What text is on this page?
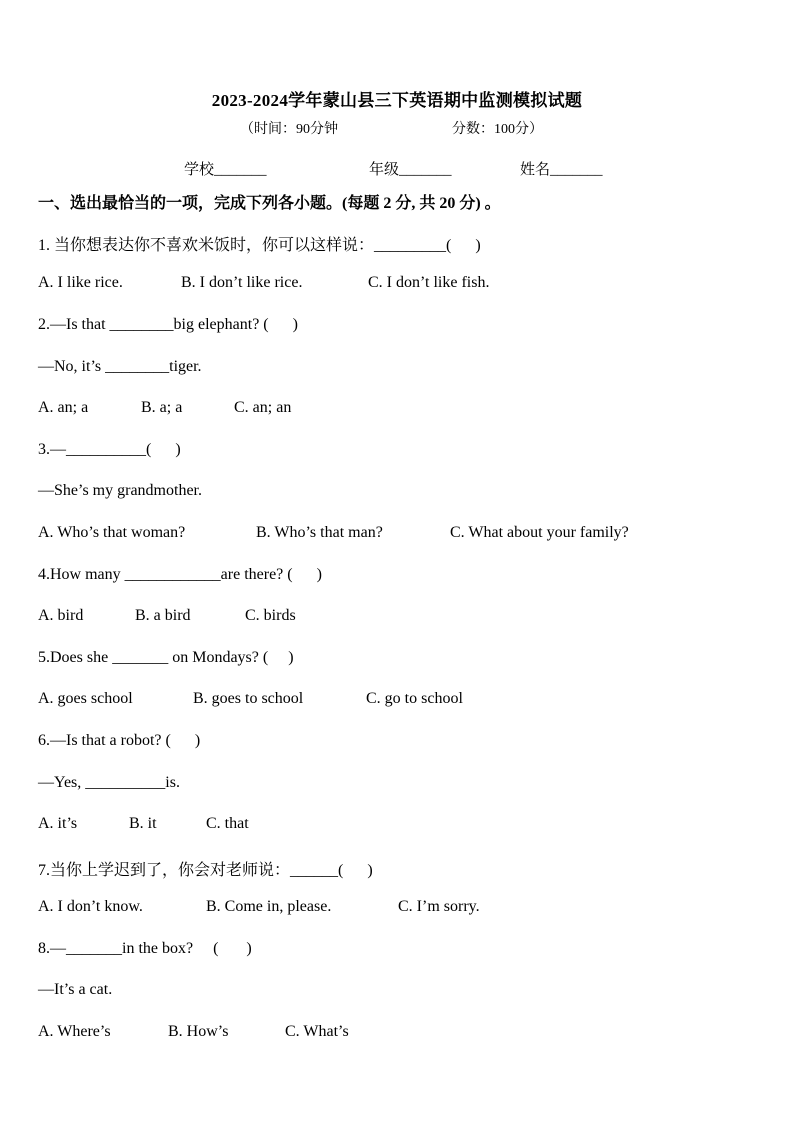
2023-2024学年蒙山县三下英语期中监测模拟试题
（时间：90分钟	分数：100分）
学校_______	年级_______	姓名_______
一、选出最恰当的一项，完成下列各小题。(每题 2 分, 共 20 分) 。
1. 当你想表达你不喜欢米饭时，你可以这样说：_________(      )
A. I like rice.	B. I don’t like rice.	C. I don’t like fish.
2.—Is that ________big elephant? (      )
—No, it’s ________tiger.
A. an; a	B. a; a	C. an; an
3.—__________(      )
—She’s my grandmother.
A. Who’s that woman?	B. Who’s that man?	C. What about your family?
4.How many ____________are there? (      )
A. bird	B. a bird	C. birds
5.Does she _______ on Mondays? (     )
A. goes school	B. goes to school	C. go to school
6.—Is that a robot? (      )
—Yes, __________is.
A. it’s	B. it	C. that
7.当你上学迟到了，你会对老师说：______(      )
A. I don’t know.	B. Come in, please.	C. I’m sorry.
8.—_______in the box?     (       )
—It’s a cat.
A. Where’s	B. How’s	C. What’s
